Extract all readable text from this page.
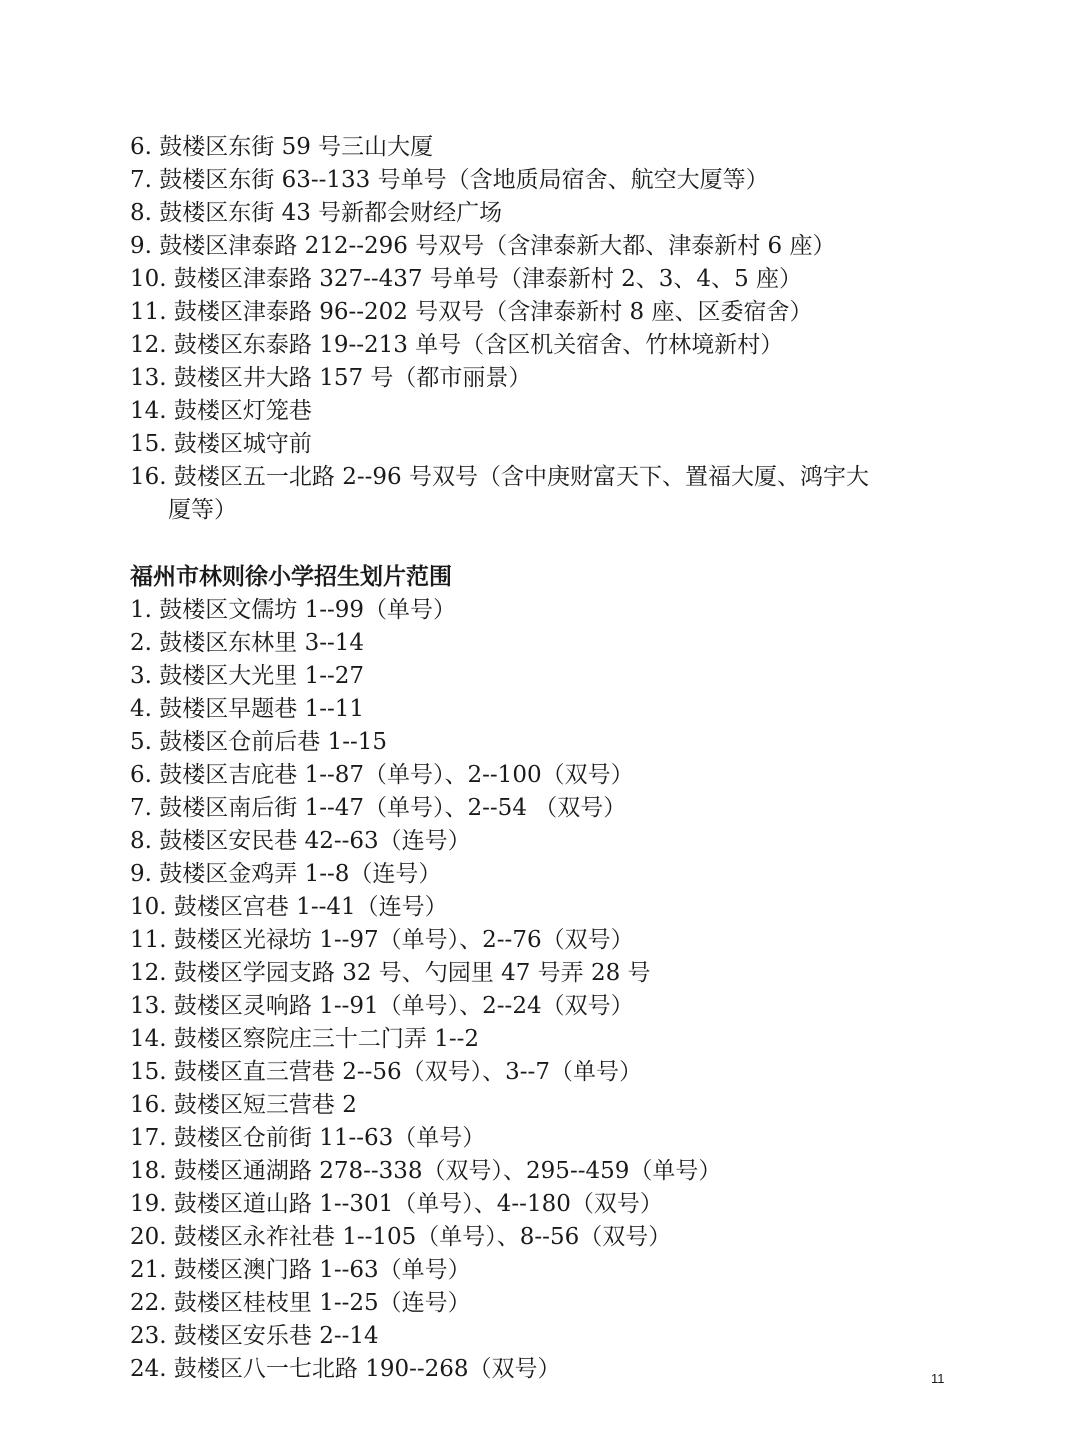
6. 鼓楼区东街 59 号三山大厦
7. 鼓楼区东街 63--133 号单号（含地质局宿舍、航空大厦等）
8. 鼓楼区东街 43 号新都会财经广场
9. 鼓楼区津泰路 212--296 号双号（含津泰新大都、津泰新村 6 座）
10. 鼓楼区津泰路 327--437 号单号（津泰新村 2、3、4、5 座）
11. 鼓楼区津泰路 96--202 号双号（含津泰新村 8 座、区委宿舍）
12. 鼓楼区东泰路 19--213 单号（含区机关宿舍、竹林境新村）
13. 鼓楼区井大路 157 号（都市丽景）
14. 鼓楼区灯笼巷
15. 鼓楼区城守前
16. 鼓楼区五一北路 2--96 号双号（含中庚财富天下、置福大厦、鸿宇大
厦等）
福州市林则徐小学招生划片范围
1. 鼓楼区文儒坊 1--99（单号）
2. 鼓楼区东林里 3--14
3. 鼓楼区大光里 1--27
4. 鼓楼区早题巷 1--11
5. 鼓楼区仓前后巷 1--15
6. 鼓楼区吉庇巷 1--87（单号）、2--100（双号）
7. 鼓楼区南后街 1--47（单号）、2--54 （双号）
8. 鼓楼区安民巷 42--63（连号）
9. 鼓楼区金鸡弄 1--8（连号）
10. 鼓楼区宫巷 1--41（连号）
11. 鼓楼区光禄坊 1--97（单号）、2--76（双号）
12. 鼓楼区学园支路 32 号、勺园里 47 号弄 28 号
13. 鼓楼区灵响路 1--91（单号）、2--24（双号）
14. 鼓楼区察院庄三十二门弄 1--2
15. 鼓楼区直三营巷 2--56（双号）、3--7（单号）
16. 鼓楼区短三营巷 2
17. 鼓楼区仓前街 11--63（单号）
18. 鼓楼区通湖路 278--338（双号）、295--459（单号）
19. 鼓楼区道山路 1--301（单号）、4--180（双号）
20. 鼓楼区永祚社巷 1--105（单号）、8--56（双号）
21. 鼓楼区澳门路 1--63（单号）
22. 鼓楼区桂枝里 1--25（连号）
23. 鼓楼区安乐巷 2--14
24. 鼓楼区八一七北路 190--268（双号）	11
